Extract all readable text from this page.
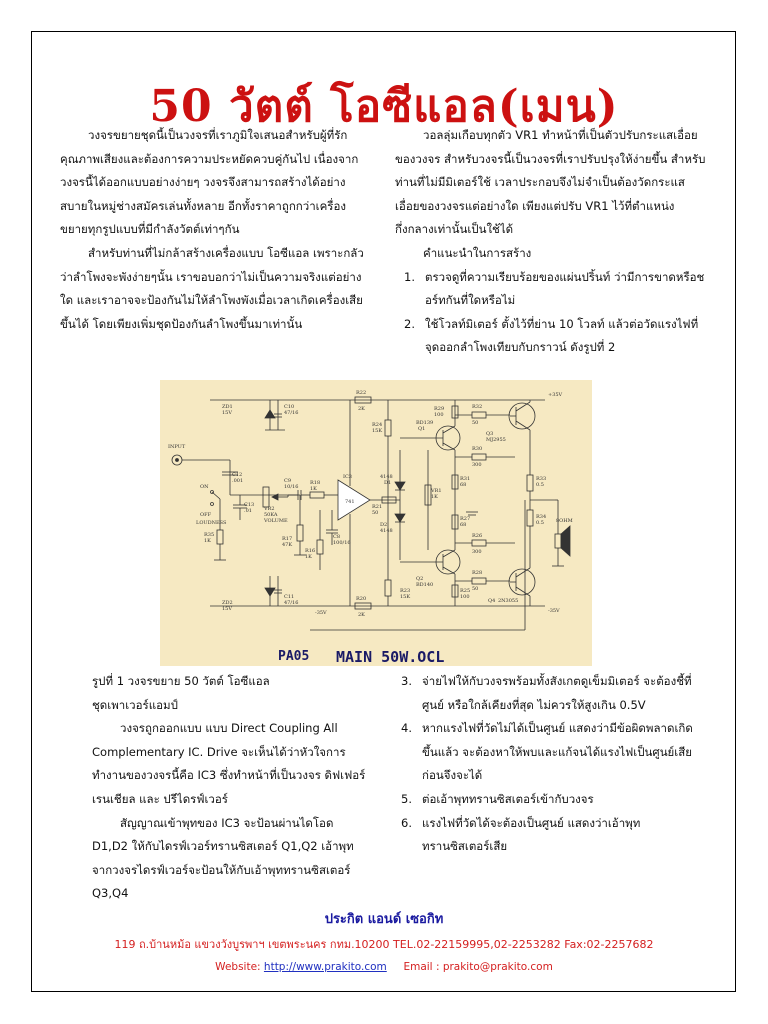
50 วัตต์ โอซีแอล(เมน)

วงจรขยายชุดนี้เป็นวงจรที่เราภูมิใจเสนอสำหรับผู้ที่รักคุณภาพเสียงและต้องการความประหยัดควบคู่กันไป เนื่องจากวงจรนี้ได้ออกแบบอย่างง่ายๆ วงจรจึงสามารถสร้างได้อย่างสบายในหมู่ช่างสมัครเล่นทั้งหลาย อีกทั้งราคาถูกกว่าเครื่องขยายทุกรูปแบบที่มีกำลังวัตต์เท่าๆกัน

สำหรับท่านที่ไม่กล้าสร้างเครื่องแบบ โอซีแอล เพราะกลัวว่าลำโพงจะพังง่ายๆนั้น เราขอบอกว่าไม่เป็นความจริงแต่อย่างใด และเราอาจจะป้องกันไม่ให้ลำโพงพังเมื่อเวลาเกิดเครื่องเสียขึ้นได้ โดยเพียงเพิ่มชุดป้องกันลำโพงขึ้นมาเท่านั้น

วอลลุ่มเกือบทุกตัว VR1 ทำหน้าที่เป็นตัวปรับกระแสเอื่อยของวงจร สำหรับวงจรนี้เป็นวงจรที่เราปรับปรุงให้ง่ายขึ้น สำหรับท่านที่ไม่มีมิเตอร์ใช้ เวลาประกอบจึงไม่จำเป็นต้องวัดกระแสเอื่อยของวงจรแต่อย่างใด เพียงแต่ปรับ VR1 ไว้ที่ตำแหน่งกึ่งกลางเท่านั้นเป็นใช้ได้

คำแนะนำในการสร้าง

1 .	ตรวจดูที่ความเรียบร้อยของแผ่นปริ้นท์ ว่ามีการขาดหรือชอร์ทกันที่ใดหรือไม่
2 .	ใช้โวลท์มิเตอร์ ตั้งไว้ที่ย่าน 10 โวลท์ แล้วต่อวัดแรงไฟที่จุดออกลำโพงเทียบกับกราวน์ ดังรูปที่ 2
ZD1
15V
C10
47/16
INPUT
C12
.001
ON
OFF
LOUDNESS
C13
.01
R35
1K
C9
10/16
R18
1K
VR2
50KA
VOLUME
R17
47K
R16
1K
C8
100/16
IC3
741
ZD2
15V
C11
47/16
R22
2K
R24
15K
R20
2K
R21
50
4148
D1
D2
4148
BD139
Q1
Q2
BD140
VR1
1K
R29
100
R31
68
R27
68
R23
15K
R25
100
R32
50
R30
300
R26
300
R28
50
Q3
MJ2955
Q4 2N3055
R33
0.5
R34
0.5 8OHM
+35V
-35V	-35V
PA05 MAIN 50W.OCL

รูปที่ 1 วงจรขยาย 50 วัตต์ โอซีแอล

ชุดเพาเวอร์แอมป์

วงจรถูกออกแบบ แบบ Direct Coupling All Complementary IC. Drive จะเห็นได้ว่าหัวใจการทำงานของวงจรนี้คือ IC3 ซึ่งทำหน้าที่เป็นวงจร ดิฟเฟอร์เรนเชียล และ ปรีไดรฟ์เวอร์

สัญญาณเข้าพุทของ IC3 จะป้อนผ่านไดโอด D1,D2 ให้กับไดรฟ์เวอร์ทรานซิสเตอร์ Q1,Q2 เอ้าพุทจากวงจรไดรฟ์เวอร์จะป้อนให้กับเอ้าพุททรานซิสเตอร์ Q3,Q4

3 .	จ่ายไฟให้กับวงจรพร้อมทั้งสังเกตดูเข็มมิเตอร์ จะต้องชี้ที่ ศูนย์ หรือใกล้เคียงที่สุด ไม่ควรให้สูงเกิน 0.5V
4 .	หากแรงไฟที่วัดไม่ได้เป็นศูนย์ แสดงว่ามีข้อผิดพลาดเกิดขึ้นแล้ว จะต้องหาให้พบและแก้จนได้แรงไฟเป็นศูนย์เสียก่อนจึงจะได้
5 .	ต่อเอ้าพุททรานซิสเตอร์เข้ากับวงจร
6 .	แรงไฟที่วัดได้จะต้องเป็นศูนย์ แสดงว่าเอ้าพุททรานซิสเตอร์เสีย
ประกิต แอนด์ เซอกิท
119 ถ.บ้านหม้อ แขวงวังบูรพาฯ เขตพระนคร กทม.10200 TEL.02-22159995,02-2253282 Fax:02-2257682
Website: http://www.prakito.com Email : prakito@prakito.com
